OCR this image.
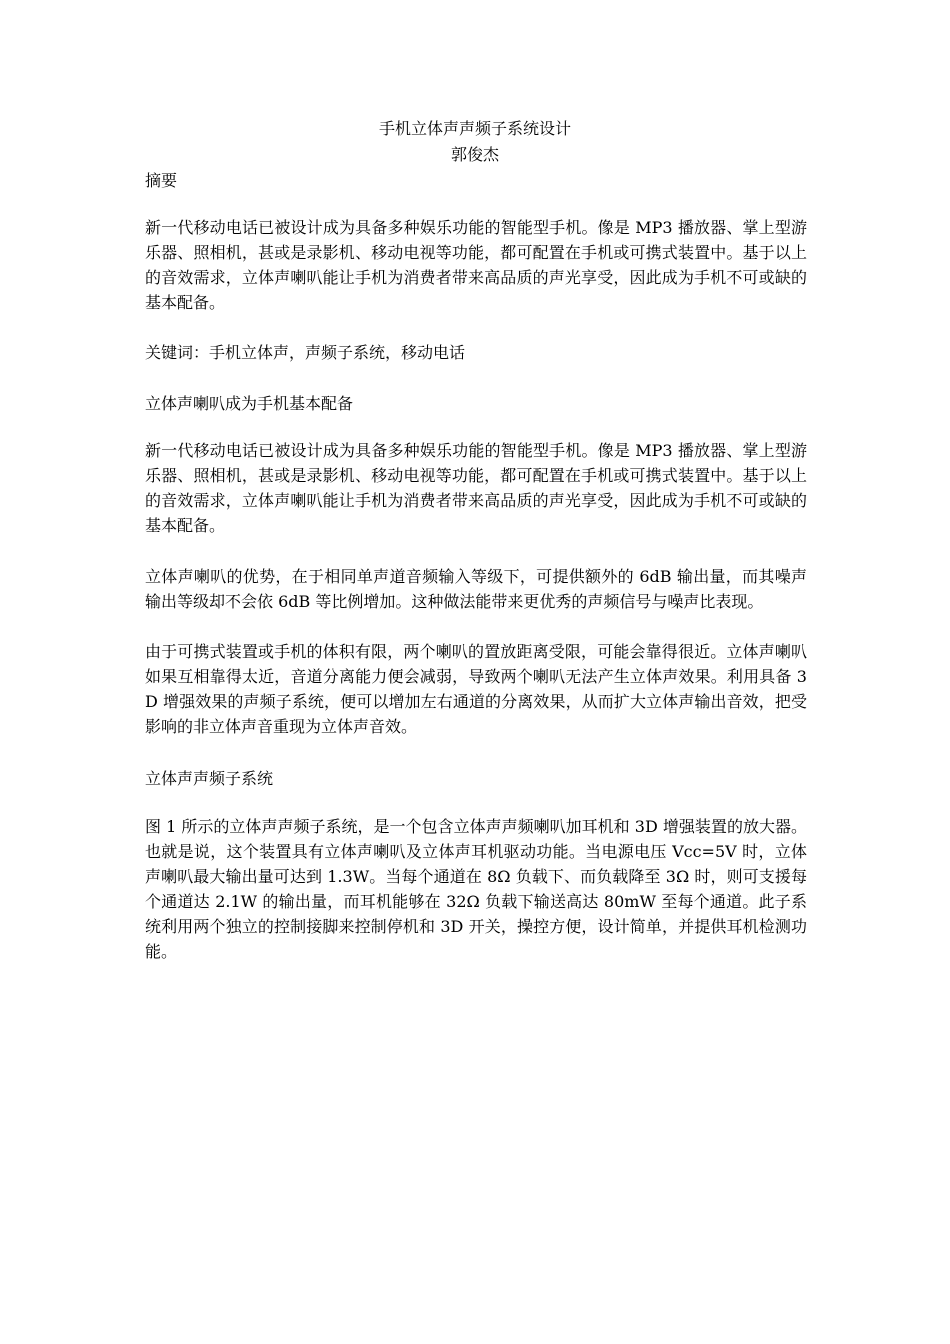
手机立体声声频子系统设计
郭俊杰

摘要

新一代移动电话已被设计成为具备多种娱乐功能的智能型手机。像是 MP3 播放器、掌上型游乐器、照相机，甚或是录影机、移动电视等功能，都可配置在手机或可携式装置中。基于以上的音效需求，立体声喇叭能让手机为消费者带来高品质的声光享受，因此成为手机不可或缺的基本配备。

关键词：手机立体声，声频子系统，移动电话

立体声喇叭成为手机基本配备

新一代移动电话已被设计成为具备多种娱乐功能的智能型手机。像是 MP3 播放器、掌上型游乐器、照相机，甚或是录影机、移动电视等功能，都可配置在手机或可携式装置中。基于以上的音效需求，立体声喇叭能让手机为消费者带来高品质的声光享受，因此成为手机不可或缺的基本配备。

立体声喇叭的优势，在于相同单声道音频输入等级下，可提供额外的 6dB 输出量，而其噪声输出等级却不会依 6dB 等比例增加。这种做法能带来更优秀的声频信号与噪声比表现。

由于可携式装置或手机的体积有限，两个喇叭的置放距离受限，可能会靠得很近。立体声喇叭如果互相靠得太近，音道分离能力便会减弱，导致两个喇叭无法产生立体声效果。利用具备 3D 增强效果的声频子系统，便可以增加左右通道的分离效果，从而扩大立体声输出音效，把受影响的非立体声音重现为立体声音效。

立体声声频子系统

图 1 所示的立体声声频子系统，是一个包含立体声声频喇叭加耳机和 3D 增强装置的放大器。也就是说，这个装置具有立体声喇叭及立体声耳机驱动功能。当电源电压 Vcc=5V 时，立体声喇叭最大输出量可达到 1.3W。当每个通道在 8Ω 负载下、而负载降至 3Ω 时，则可支援每个通道达 2.1W 的输出量，而耳机能够在 32Ω 负载下输送高达 80mW 至每个通道。此子系统利用两个独立的控制接脚来控制停机和 3D 开关，操控方便，设计简单，并提供耳机检测功能。
